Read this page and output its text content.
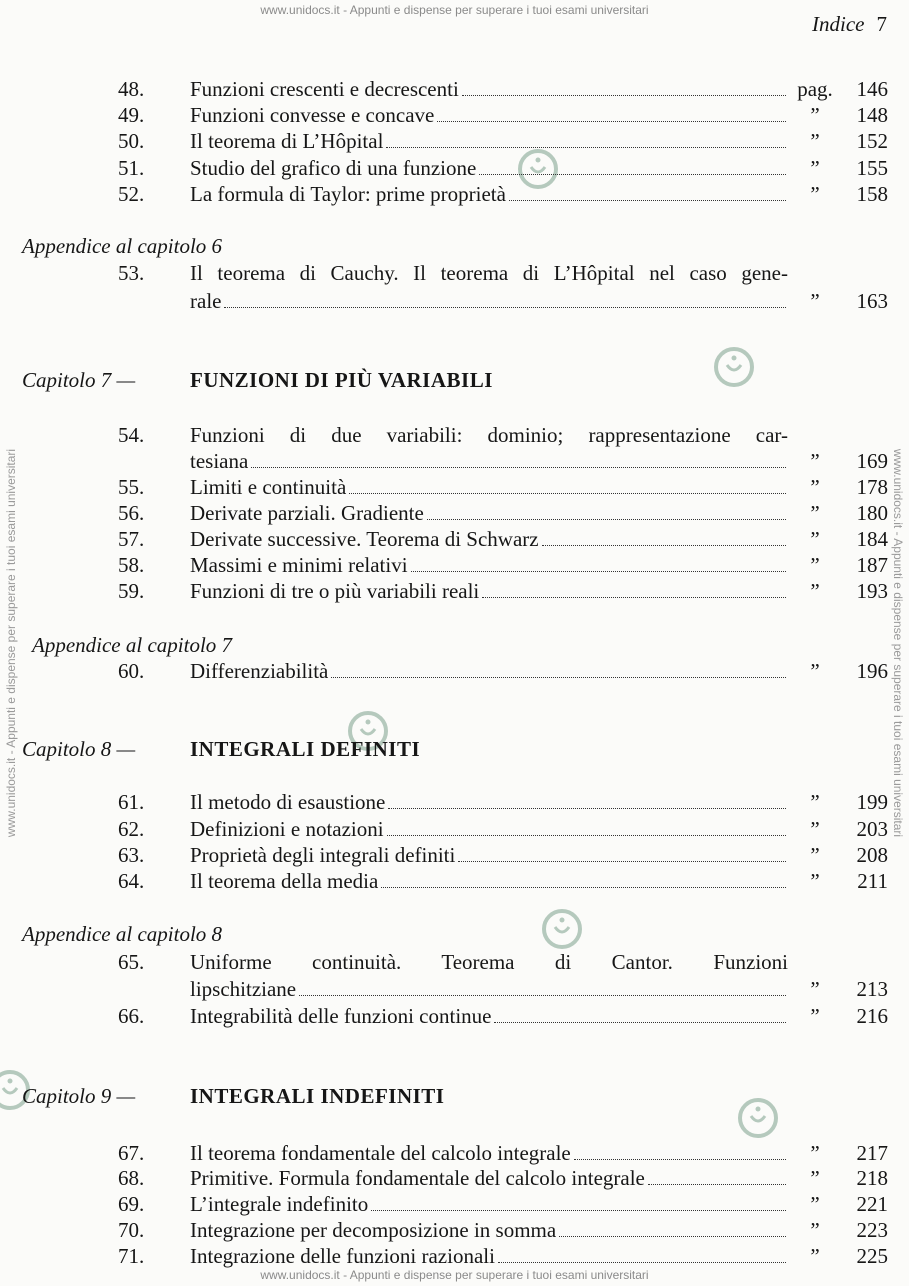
www.unidocs.it - Appunti e dispense per superare i tuoi esami universitari
www.unidocs.it - Appunti e dispense per superare i tuoi esami universitari
www.unidocs.it - Appunti e dispense per superare i tuoi esami universitari	www.unidocs.it - Appunti e dispense per superare i tuoi esami universitari
Indice 7
48.	Funzioni crescenti e decrescenti	pag.	146
49.	Funzioni convesse e concave	”	148
50.	Il teorema di L’Hôpital	”	152
51.	Studio del grafico di una funzione	”	155
52.	La formula di Taylor: prime proprietà	”	158
Appendice al capitolo 6
53.	Il teorema di Cauchy. Il teorema di L’Hôpital nel caso gene-
rale	”	163
Capitolo 7 —	FUNZIONI DI PIÙ VARIABILI
54.	Funzioni di due variabili: dominio; rappresentazione car-
tesiana	”	169
55.	Limiti e continuità	”	178
56.	Derivate parziali. Gradiente	”	180
57.	Derivate successive. Teorema di Schwarz	”	184
58.	Massimi e minimi relativi	”	187
59.	Funzioni di tre o più variabili reali	”	193
Appendice al capitolo 7
60.	Differenziabilità	”	196
Capitolo 8 —	INTEGRALI DEFINITI
61.	Il metodo di esaustione	”	199
62.	Definizioni e notazioni	”	203
63.	Proprietà degli integrali definiti	”	208
64.	Il teorema della media	”	211
Appendice al capitolo 8
65.	Uniforme continuità. Teorema di Cantor. Funzioni
lipschitziane	”	213
66.	Integrabilità delle funzioni continue	”	216
Capitolo 9 —	INTEGRALI INDEFINITI
67.	Il teorema fondamentale del calcolo integrale	”	217
68.	Primitive. Formula fondamentale del calcolo integrale	”	218
69.	L’integrale indefinito	”	221
70.	Integrazione per decomposizione in somma	”	223
71.	Integrazione delle funzioni razionali	”	225
